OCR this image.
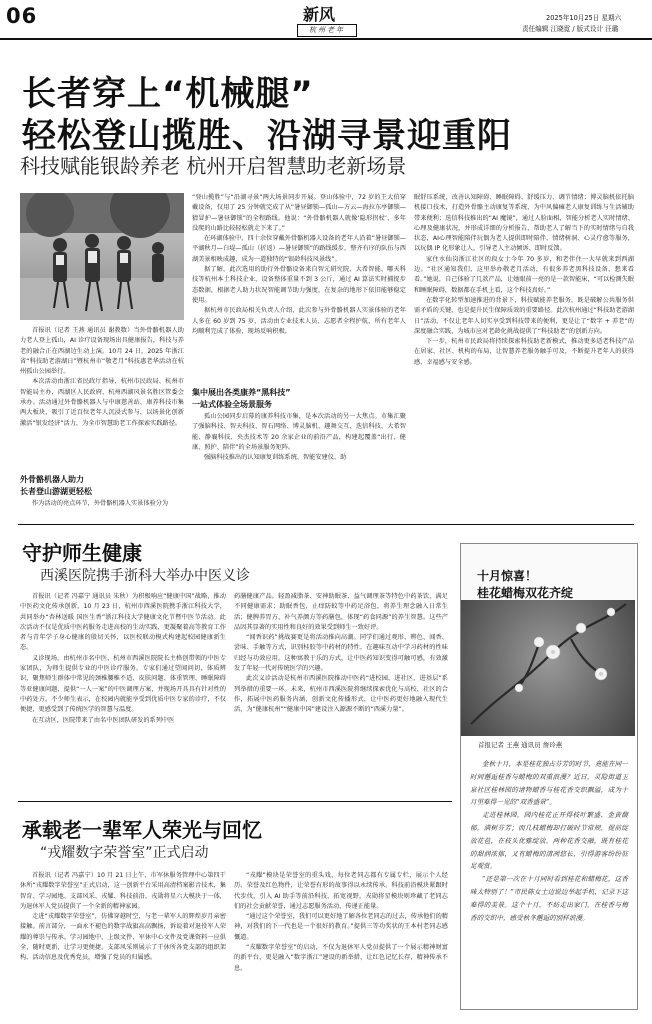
06	新风
杭州老年
2025年10月25日 星期六
责任编辑 江晓霓 / 版式设计 汪璐
长者穿上“机械腿”
轻松登山揽胜、沿湖寻景迎重阳
科技赋能银龄养老 杭州开启智慧助老新场景

首报讯（记者 王燕 通讯员 谢教数）当外骨骼机器人助力老人登上孤山，AI 诊疗设备现场出具健康报告，科技与养老的融合正在西湖边生动上演。10月 24 日，2025 年浙江省“科技助老游湖日”暨杭州市“敬老月”科技惠老华活动在杭州孤山公园举行。

本次活动由浙江省民政厅指导，杭州市民政局、杭州市智能局主办，西湖区人民政府、杭州西湖风景名胜区管委会承办。活动通过外骨骼机器人与中康慈善站、康养科技市集两大板块，吸引了近百位老年人沉浸式参与，以场景化创新激活“银发经济”活力，为全市智慧助老工作探索实践路径。

外骨骼机器人助力
长者登山游湖更轻松

作为活动的亮点环节，外骨骼机器人实景体验分为

“登山揽胜”与“沿湖寻景”两大场景同步开展。登山体验中，72 岁的王大伯穿戴设备，仅用了 25 分钟就完成了从“暑昼御锁—孤山—方云—海拉东亭御锁—猜冒护—暑昼御锁”的全程路线。他说：“外骨骼机器人就像‘隐形拐杖’，多年没爬的山路比较轻松就走下来了。”

在环湖体验中，四十余位穿戴外骨骼机器人设备的老年人沿着“暑昼御锁—平湖秋月—白堤—孤山（折返）—暑昼御锁”的路线缓步，整齐有序的队伍与西湖美景相映成趣，成为一道独特的“银龄科技风景线”。

据了解，此次选用的助行外骨骼设备来自智元研究院、大希智能、哪天科技等杭州本土科技企业，设备整体重量不到 3 公斤，通过 AI 算法实时捕捉步态数据，根据老人助力状况智能调节助力强度，在复杂的地形下依旧能够稳定使用。

据杭州市民政局相关负责人介绍，此次参与外骨骼机器人实景体验的老年人多在 60 岁到 75 岁，活动由专业技术人员、志愿者全程护航，所有老年人均顺利完成了体验，现场反响积极。

集中展出各类康养“黑科技”
一站式体验全场景服务

孤山公园同步启幕的康养科技市集，是本次活动的另一大焦点。市集汇聚了强脑科技、智天科技、智石网络、博灵脑机、趣舞交互、迭信科技、大希智能、静襄科技、央杰技术等 20 余家企业的前沿产品，构建起覆盖“出行、健康、照护、陪伴”的全场景服务矩阵。

强脑科技推出的认知康复训练系统、智能安建仪、助

眠舒压系统，改善认知障碍、睡眠障碍、舒缓压力、调节情绪；博灵脑机依托脑机接口技术，打造外骨骼主动康复等系统，为中风偏瘫老人康复训练与生活辅助带来便利；迭信科技推出的“AI 魔镜”，通过人脸面相，智能分析老人实时情绪、心理及健康状况，并形成详细的分析报告，帮助老人了解当下的实时情绪与自我状态，AI心理智能陪伴玩偶为老人提供即时陪伴、情绪树洞、心灵疗愈等服务，以玩偶 IP 化形象让人，引导老人主动倾诉、即时反馈。

家住水仙岗浙江社区的段女士今年 70 多岁，和老伴住一大早就来到西湖边。“社区通知我们，这里举办敬老月活动，有很多养老黑科技设备，想来看看。”她说，自己体验了几款产品，让她眼前一亮的是一款智能床，“可以检测失眠和睡眠障碍，数据都在手机上看，这个科技真好。”

在数字化转型加速推进的背景下，科技赋能养老服务，既是破解公共服务供需矛盾的关键，也是提升民生保障质效的重要路径。此次杭州通过“科技助老游湖日”活动，不仅让老年人切实享受到科技带来的便利，更是让了“数字 + 养老”的深度融合实践，为城市应对老龄化挑战提供了“科技助老”的创新方向。

下一步，杭州市民政局将持续探索科技助老新模式，推动更多适老科技产品在居家、社区、机构的布局，让智慧养老服务触手可及，不断提升老年人的获得感、幸福感与安全感。

守护师生健康
西溪医院携手浙科大举办中医义诊

首报讯（记者 冯嘉宁 通讯员 朱秋）为积极响应“健康中国”战略，推动中医药文化传承创新，10 月 23 日，杭州市西溪医院携手浙江科技大学，共同举办“杏林送暖 国医生香”浙江科技大学健康文化节暨中医节活动。此次活动不仅是优质中医药服务走进高校的生动实践，更凝聚着高等教育工作者与青年学子身心健康的殷切关怀，以医校联动模式构建起校园健康新生态。

义诊现场，由杭州市名中医、杭州市西溪医院院长主格创带领的中医专家团队，为师生提供专业的中医诊疗服务。专家们通过望闻问切、体质辨识，聚焦师生群体中常见的颈椎腰椎不适、皮肤问题、体重管理、睡眠障碍等亚健康问题，提供“一人一案”的中医调理方案，并现场开具具有针对性的中药处方。不少师生表示，在校园内就能享受到优质中医专家的诊疗，不仅便捷，更感受到了传统医学的智慧与温度。

在互动区，医院带来了由名中医团队研发的系列中医

药膳健康产品。轻盈减脂茶、安神助眠茶、益气调理茶等特色中药茶饮，满足不同健康需求；助眠香包、止痒防蚊等中药足浴包，将养生理念融入日常生活；健脾养胃方、补气养颜方等药膳包，体现“药食同源”的养生智慧。这些产品因其显著的实用性和良好的效果受到师生一致好评。

“闻香识药”挑战赛更是将活动推向高潮。同学们通过观形、辨色、闻香、尝味、手触等方式，识别桂胶等中药材的特性，在趣味互动中学习药材的性味归经与功效应用。这种寓教于乐的方式，让中医药知识变得可触可感，有效激发了年轻一代对传统医学的兴趣。

此次义诊活动是杭州市西溪医院推动中医药“进校园、进社区、进基层”系列举措的重要一环。未来，杭州市西溪医院将继续探索优化与高校、社区的合作，拓展中医药服务内涵，创新文化传播形式，让中医药更好地融入现代生活，为“健康杭州”“健康中国”建设注入源源不断的“西溪力量”。

十月惊喜！
桂花蜡梅双花齐绽
首报记者 王燕 通讯员 詹玲燕

金秋十月，本是桂花独占芬芳的时节，竟能在同一时间邂逅桂香与蜡梅的双重浪漫？近日，灵隐街道玉泉社区桂林园的诸物蜡香与桂花香交织飘溢，成为十月里难得一见的“双香盛景”。

走进桂林园，园内桂花正开得枝叶繁盛、金黄馥郁，满树芬芳；而几枝蜡梅却打破时节常规，提前绽放花苞，在枝头优雅绽放。两种花香交融，既有桂花的甜润浓郁，又有蜡梅的清冽悠长，引得游客纷纷驻足观赏。

“还是第一次在十月同时看到桂花和蜡梅花，这香味太特别了！”市民陈女士边说边举起手机，记录下这难得的美景。这个十月，不妨走出家门，在桂香与梅香的交织中，感受秋冬邂逅的别样浪漫。

承载老一辈军人荣光与回忆
“戎耀数字荣誉室”正式启动

首报讯（记者 冯嘉宁）10 月 21 日上午，市军休服务管理中心第四干休所“戎耀数字荣誉室”正式启动，这一创新平台采用高清档案影音技术，集智育、学习园地、支部风采、戎耀、科技前沿、戎勋将星六大模块于一体，为退休军人党员提供了一个全新的精神家园。

走进“戎耀数字荣誉室”，仿佛穿越时空，与老一辈军人的辉煌岁月亲密接触。前言部分，一面永不褪色的数字战旗高高飘扬，诉说着对退役军人荣耀的尊崇与传承。学习园地中，上级文件、军休中心文件及党课资料一应俱全，随时更新，让学习更便捷。支部风采则展示了干休所各党支部的组织架构、活动信息及优秀党员，增强了党员的归属感。

“戎耀”模块是荣誉室的重头戏，每位老同志都有专属专栏，展示个人经历、荣誉及红色物件，让荣誉有形的故事得以永续传承。科技前沿模块紧跟时代步伐，引入 AI 助手等前沿科技，拓宽视野。戎勋将星模块则珍藏了老同志们的社会贡献荣誉，通过志愿服务活动，传递正能量。

“通过这个荣誉室，我们可以更好地了解各位老同志的过去，传承他们的精神，对我们的下一代也是一个很好的教育。”提供三等功奖状的王本村老同志感慨道。

“戎耀数字荣誉室”的启动，不仅为退休军人党员提供了一个展示精神财富的新平台，更是融入“数字浙江”建设的新举措，让红色记忆长存，精神传承不息。
